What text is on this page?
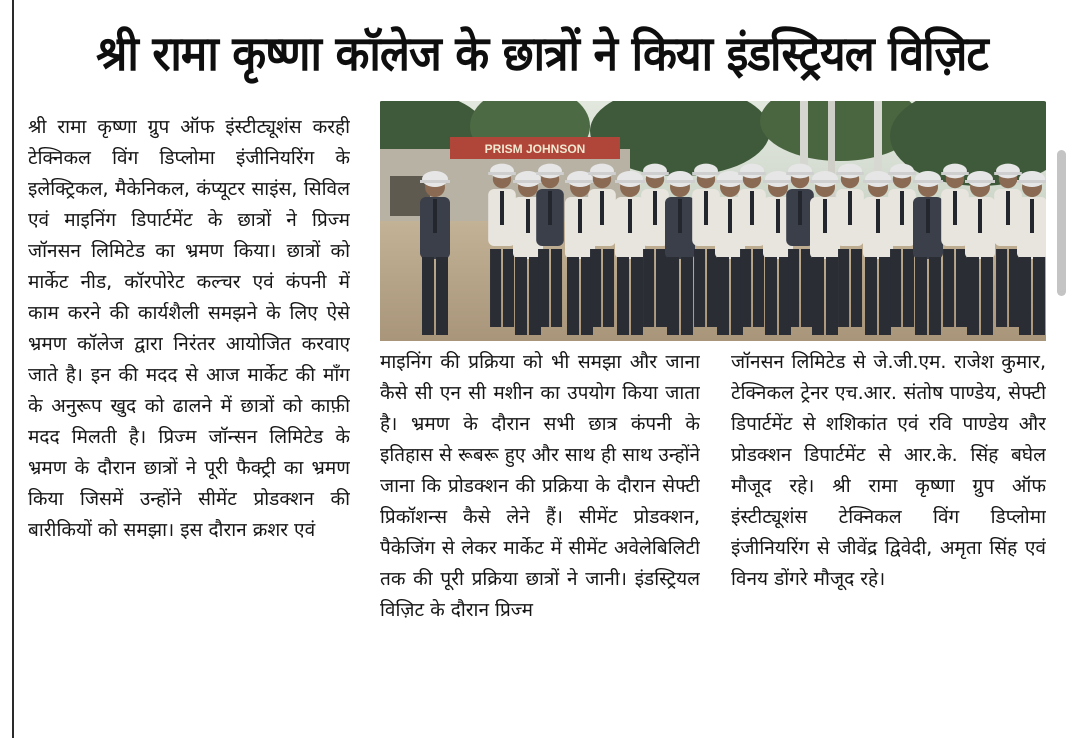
श्री रामा कृष्णा कॉलेज के छात्रों ने किया इंडस्ट्रियल विज़िट
PRISM JOHNSON
श्री रामा कृष्णा ग्रुप ऑफ इंस्टीट्यूशंस करही टेक्निकल विंग डिप्लोमा इंजीनियरिंग के इलेक्ट्रिकल, मैकेनिकल, कंप्यूटर साइंस, सिविल एवं माइनिंग डिपार्टमेंट के छात्रों ने प्रिज्म जॉनसन लिमिटेड का भ्रमण किया। छात्रों को मार्केट नीड, कॉरपोरेट कल्चर एवं कंपनी में काम करने की कार्यशैली समझने के लिए ऐसे भ्रमण कॉलेज द्वारा निरंतर आयोजित करवाए जाते है। इन की मदद से आज मार्केट की माँग के अनुरूप खुद को ढालने में छात्रों को काफ़ी मदद मिलती है। प्रिज्म जॉन्सन लिमिटेड के भ्रमण के दौरान छात्रों ने पूरी फैक्ट्री का भ्रमण किया जिसमें उन्होंने सीमेंट प्रोडक्शन की बारीकियों को समझा। इस दौरान क्रशर एवं
माइनिंग की प्रक्रिया को भी समझा और जाना कैसे सी एन सी मशीन का उपयोग किया जाता है। भ्रमण के दौरान सभी छात्र कंपनी के इतिहास से रूबरू हुए और साथ ही साथ उन्होंने जाना कि प्रोडक्शन की प्रक्रिया के दौरान सेफ्टी प्रिकॉशन्स कैसे लेने हैं। सीमेंट प्रोडक्शन, पैकेजिंग से लेकर मार्केट में सीमेंट अवेलेबिलिटी तक की पूरी प्रक्रिया छात्रों ने जानी। इंडस्ट्रियल विज़िट के दौरान प्रिज्म
जॉनसन लिमिटेड से जे.जी.एम. राजेश कुमार, टेक्निकल ट्रेनर एच.आर. संतोष पाण्डेय, सेफ्टी डिपार्टमेंट से शशिकांत एवं रवि पाण्डेय और प्रोडक्शन डिपार्टमेंट से आर.के. सिंह बघेल मौजूद रहे। श्री रामा कृष्णा ग्रुप ऑफ इंस्टीट्यूशंस टेक्निकल विंग डिप्लोमा इंजीनियरिंग से जीवेंद्र द्विवेदी, अमृता सिंह एवं विनय डोंगरे मौजूद रहे।
